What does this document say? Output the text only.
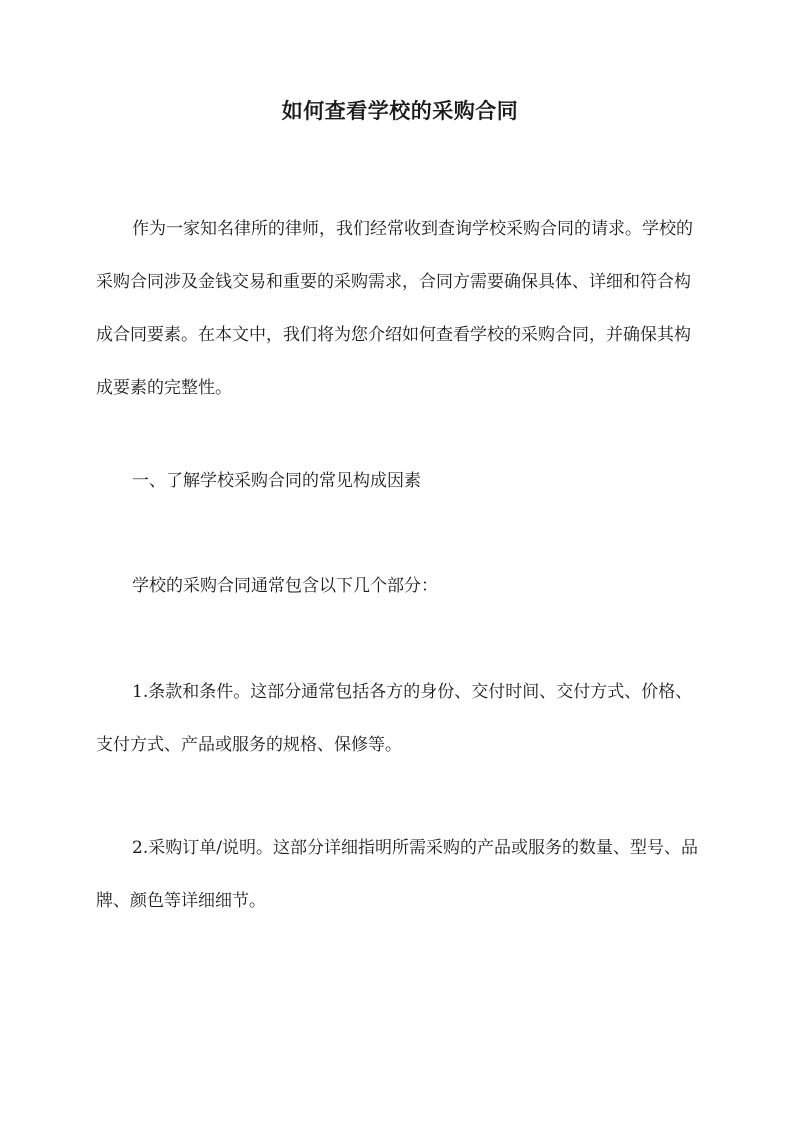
如何查看学校的采购合同

作为一家知名律所的律师，我们经常收到查询学校采购合同的请求。学校的采购合同涉及金钱交易和重要的采购需求，合同方需要确保具体、详细和符合构成合同要素。在本文中，我们将为您介绍如何查看学校的采购合同，并确保其构成要素的完整性。

一、了解学校采购合同的常见构成因素

学校的采购合同通常包含以下几个部分：

1.条款和条件。这部分通常包括各方的身份、交付时间、交付方式、价格、支付方式、产品或服务的规格、保修等。

2.采购订单/说明。这部分详细指明所需采购的产品或服务的数量、型号、品牌、颜色等详细细节。
